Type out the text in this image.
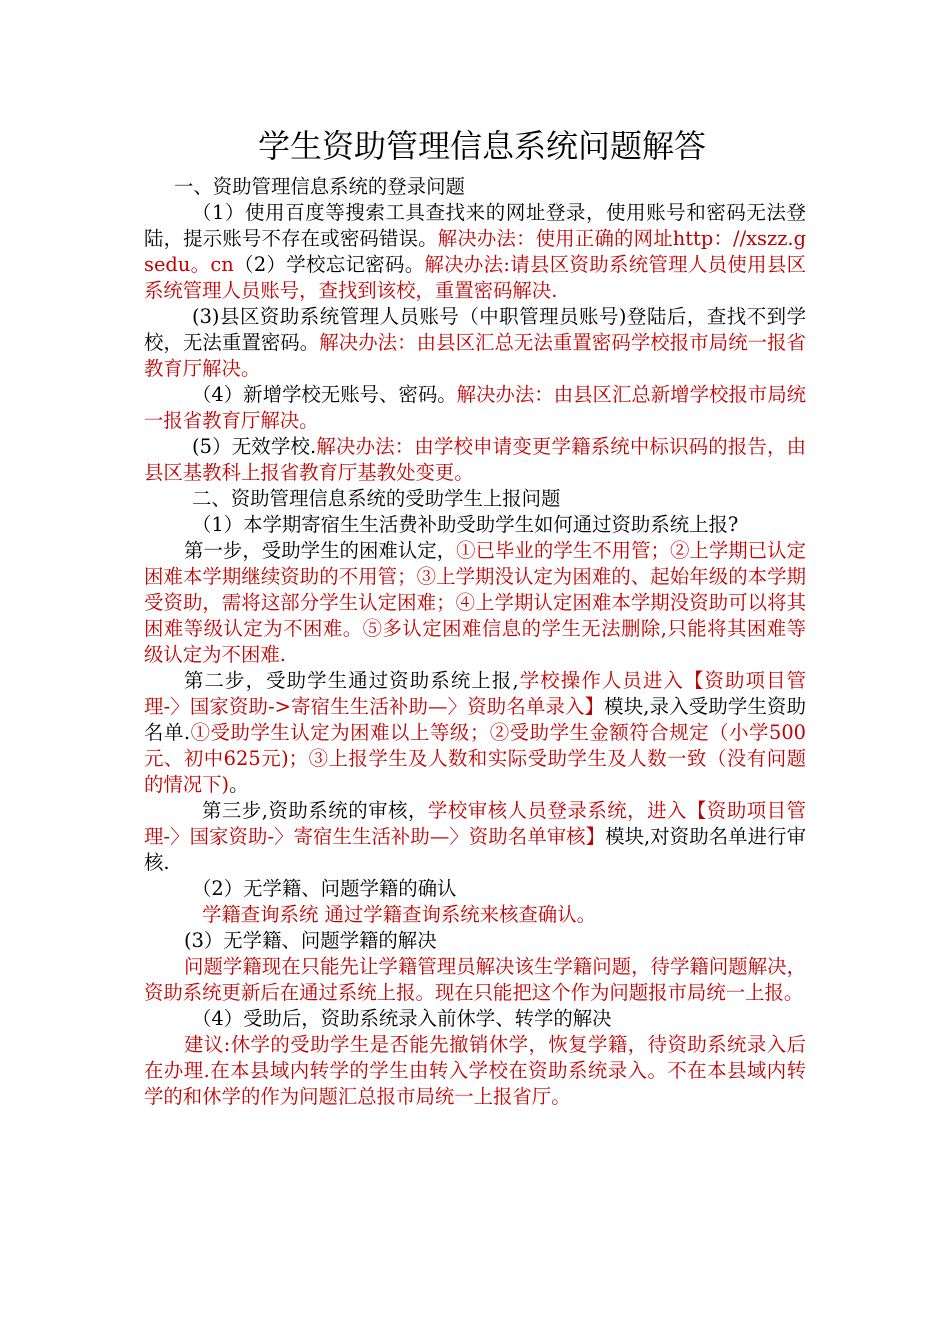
学生资助管理信息系统问题解答

一、资助管理信息系统的登录问题

（1）使用百度等搜索工具查找来的网址登录，使用账号和密码无法登陆，提示账号不存在或密码错误。解决办法：使用正确的网址http：//xszz.gsedu。cn（2）学校忘记密码。解决办法:请县区资助系统管理人员使用县区系统管理人员账号，查找到该校，重置密码解决.

(3)县区资助系统管理人员账号（中职管理员账号)登陆后，查找不到学校，无法重置密码。解决办法：由县区汇总无法重置密码学校报市局统一报省教育厅解决。

（4）新增学校无账号、密码。解决办法：由县区汇总新增学校报市局统一报省教育厅解决。

(5）无效学校.解决办法：由学校申请变更学籍系统中标识码的报告，由县区基教科上报省教育厅基教处变更。

二、资助管理信息系统的受助学生上报问题

（1）本学期寄宿生生活费补助受助学生如何通过资助系统上报?

第一步，受助学生的困难认定，①已毕业的学生不用管；②上学期已认定困难本学期继续资助的不用管；③上学期没认定为困难的、起始年级的本学期受资助，需将这部分学生认定困难；④上学期认定困难本学期没资助可以将其困难等级认定为不困难。⑤多认定困难信息的学生无法删除,只能将其困难等级认定为不困难.

第二步，受助学生通过资助系统上报,学校操作人员进入【资助项目管理-〉国家资助->寄宿生生活补助—〉资助名单录入】模块,录入受助学生资助名单.①受助学生认定为困难以上等级；②受助学生金额符合规定（小学500元、初中625元)；③上报学生及人数和实际受助学生及人数一致（没有问题的情况下)。

第三步,资助系统的审核，学校审核人员登录系统，进入【资助项目管理-〉国家资助-〉寄宿生生活补助—〉资助名单审核】模块,对资助名单进行审核.

（2）无学籍、问题学籍的确认

学籍查询系统 通过学籍查询系统来核查确认。

(3）无学籍、问题学籍的解决

问题学籍现在只能先让学籍管理员解决该生学籍问题，待学籍问题解决，资助系统更新后在通过系统上报。现在只能把这个作为问题报市局统一上报。

（4）受助后，资助系统录入前休学、转学的解决

建议:休学的受助学生是否能先撤销休学，恢复学籍，待资助系统录入后在办理.在本县域内转学的学生由转入学校在资助系统录入。不在本县域内转学的和休学的作为问题汇总报市局统一上报省厅。
